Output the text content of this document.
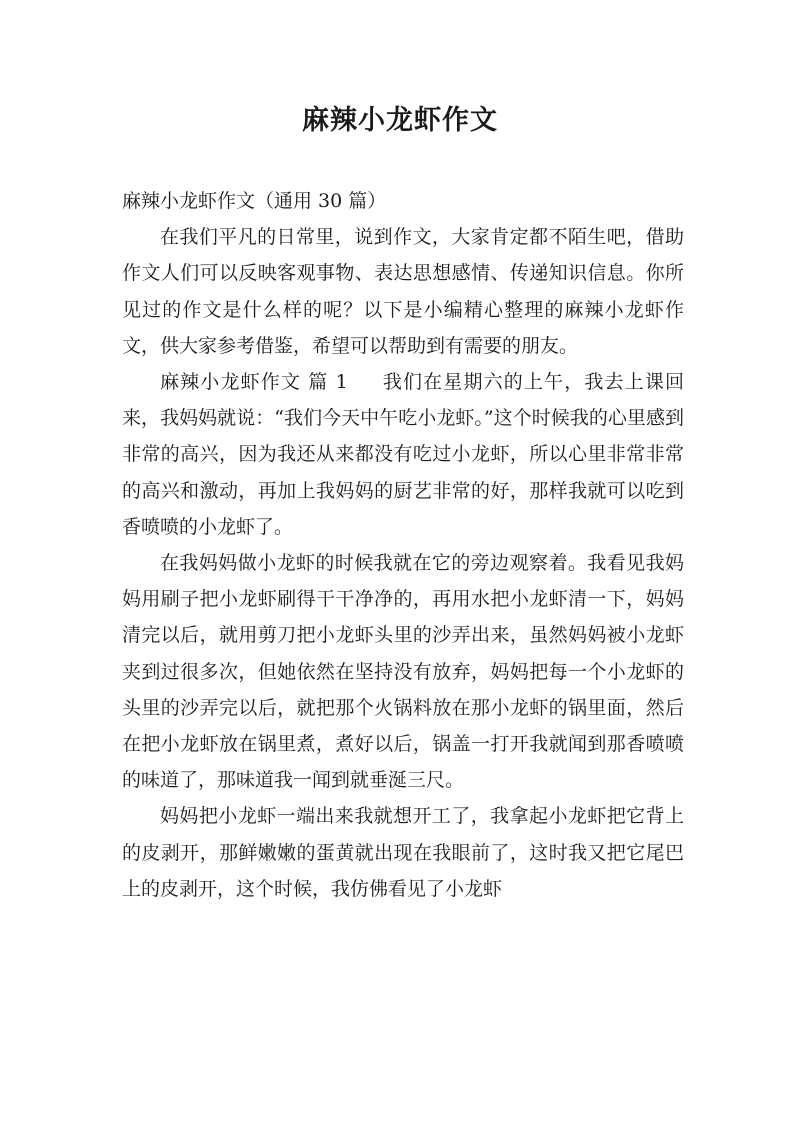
麻辣小龙虾作文

麻辣小龙虾作文（通用 30 篇）

在我们平凡的日常里，说到作文，大家肯定都不陌生吧，借助作文人们可以反映客观事物、表达思想感情、传递知识信息。你所见过的作文是什么样的呢？以下是小编精心整理的麻辣小龙虾作文，供大家参考借鉴，希望可以帮助到有需要的朋友。

麻辣小龙虾作文 篇 1 我们在星期六的上午，我去上课回来，我妈妈就说：“我们今天中午吃小龙虾。”这个时候我的心里感到非常的高兴，因为我还从来都没有吃过小龙虾，所以心里非常非常的高兴和激动，再加上我妈妈的厨艺非常的好，那样我就可以吃到香喷喷的小龙虾了。

在我妈妈做小龙虾的时候我就在它的旁边观察着。我看见我妈妈用刷子把小龙虾刷得干干净净的，再用水把小龙虾清一下，妈妈清完以后，就用剪刀把小龙虾头里的沙弄出来，虽然妈妈被小龙虾夹到过很多次，但她依然在坚持没有放弃，妈妈把每一个小龙虾的头里的沙弄完以后，就把那个火锅料放在那小龙虾的锅里面，然后在把小龙虾放在锅里煮，煮好以后，锅盖一打开我就闻到那香喷喷的味道了，那味道我一闻到就垂涎三尺。

妈妈把小龙虾一端出来我就想开工了，我拿起小龙虾把它背上的皮剥开，那鲜嫩嫩的蛋黄就出现在我眼前了，这时我又把它尾巴上的皮剥开，这个时候，我仿佛看见了小龙虾
